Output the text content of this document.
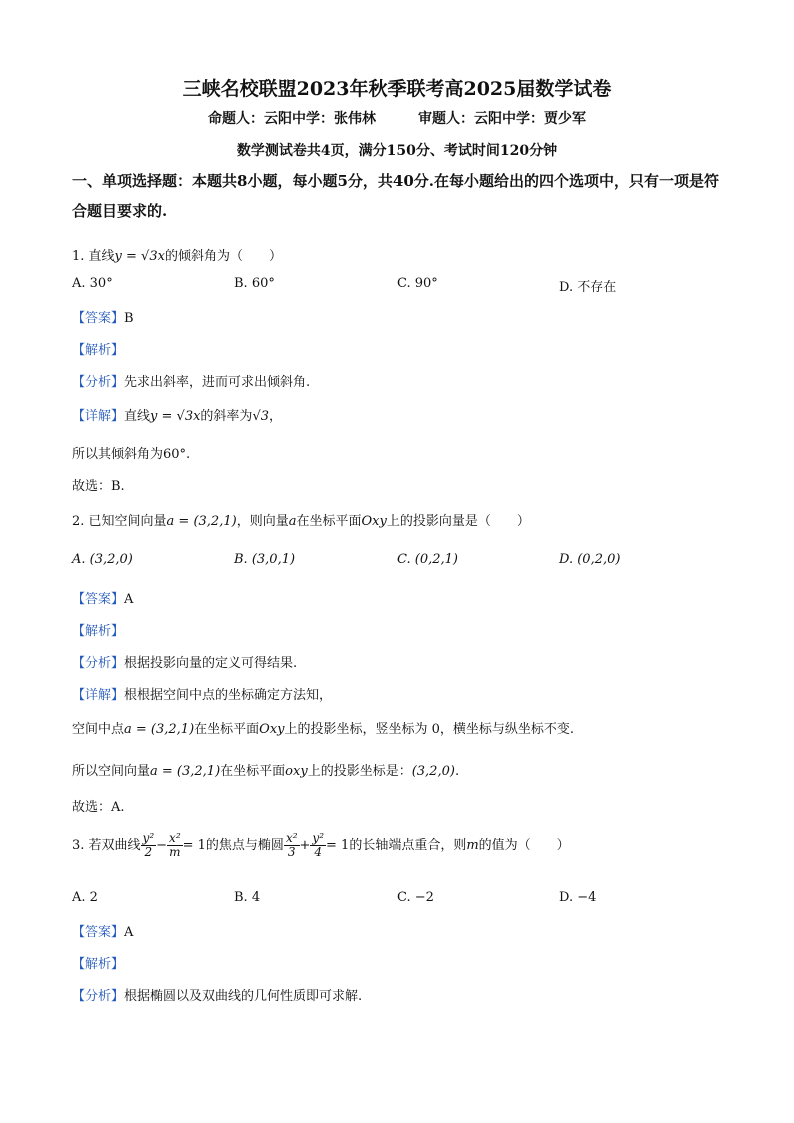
三峡名校联盟2023年秋季联考高2025届数学试卷
命题人：云阳中学：张伟林　　　审题人：云阳中学：贾少军
数学测试卷共4页，满分150分、考试时间120分钟
一、单项选择题：本题共8小题，每小题5分，共40分.在每小题给出的四个选项中，只有一项是符合题目要求的.
1. 直线y = √3x的倾斜角为（　　）
A. 30°	B. 60°	C. 90°	D. 不存在
【答案】B
【解析】
【分析】先求出斜率，进而可求出倾斜角.
【详解】直线y = √3x的斜率为√3，
所以其倾斜角为60°.
故选：B.
2. 已知空间向量a = (3,2,1)，则向量a在坐标平面Oxy上的投影向量是（　　）
A. (3,2,0)	B. (3,0,1)	C. (0,2,1)	D. (0,2,0)
【答案】A
【解析】
【分析】根据投影向量的定义可得结果.
【详解】根根据空间中点的坐标确定方法知，
空间中点a = (3,2,1)在坐标平面Oxy上的投影坐标，竖坐标为 0，横坐标与纵坐标不变.
所以空间向量a = (3,2,1)在坐标平面oxy上的投影坐标是：(3,2,0).
故选：A.
3. 若双曲线 $\frac{\text{y²}}{2} - \frac{\text{x²}}{m} = 1$的焦点与椭圆 $\frac{\text{x²}}{3} + \frac{\text{y²}}{4} = 1$的长轴端点重合，则m的值为（　　）
A. 2	B. 4	C. −2	D. −4
【答案】A
【解析】
【分析】根据椭圆以及双曲线的几何性质即可求解.
